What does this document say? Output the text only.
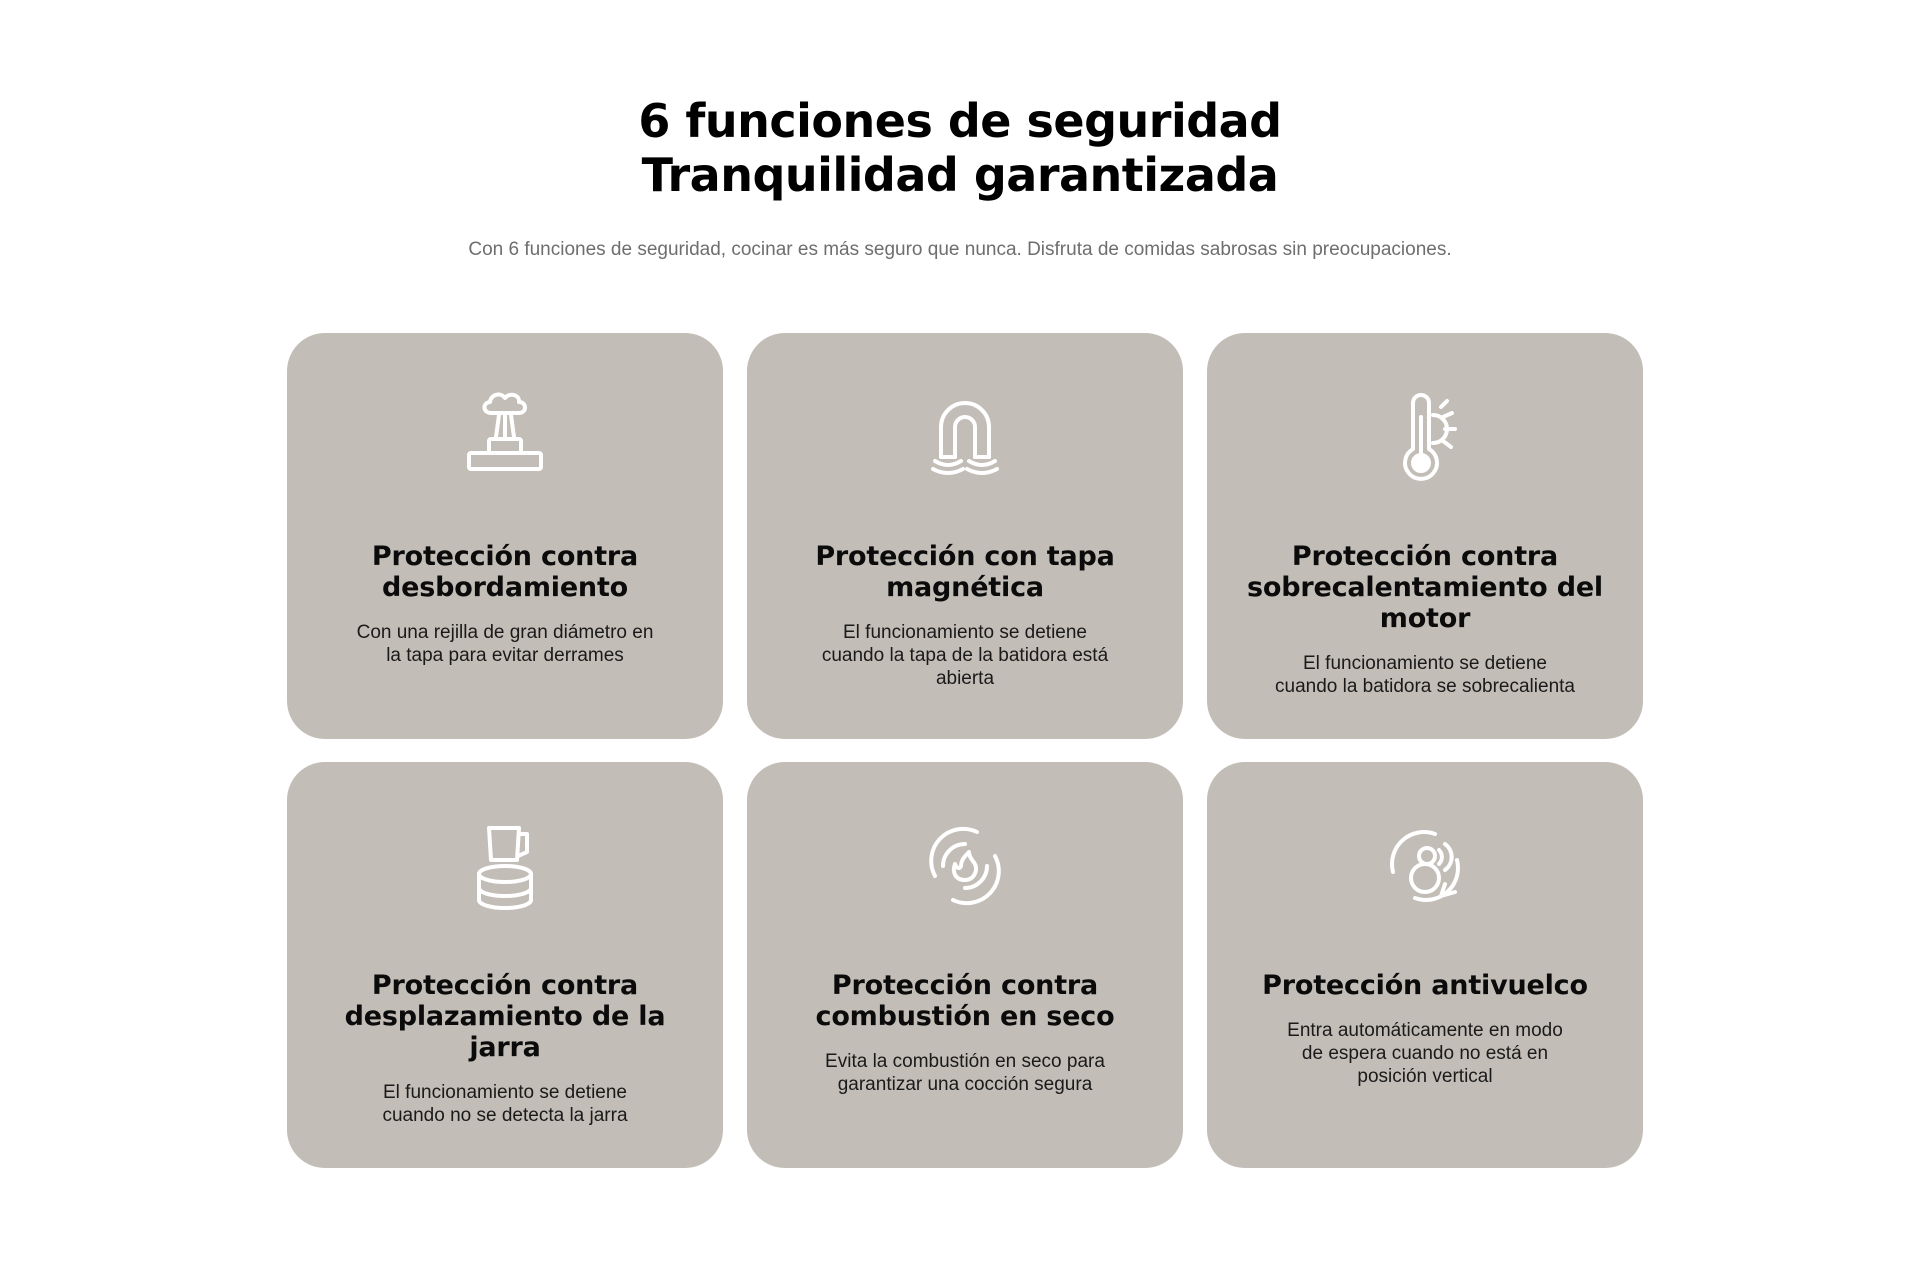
6 funciones de seguridad
Tranquilidad garantizada
Con 6 funciones de seguridad, cocinar es más seguro que nunca. Disfruta de comidas sabrosas sin preocupaciones.
Protección contra desbordamiento
Con una rejilla de gran diámetro en la tapa para evitar derrames
Protección con tapa magnética
El funcionamiento se detiene cuando la tapa de la batidora está abierta
Protección contra sobrecalentamiento del motor
El funcionamiento se detiene cuando la batidora se sobrecalienta
Protección contra desplazamiento de la jarra
El funcionamiento se detiene cuando no se detecta la jarra
Protección contra combustión en seco
Evita la combustión en seco para garantizar una cocción segura
Protección antivuelco
Entra automáticamente en modo de espera cuando no está en posición vertical
